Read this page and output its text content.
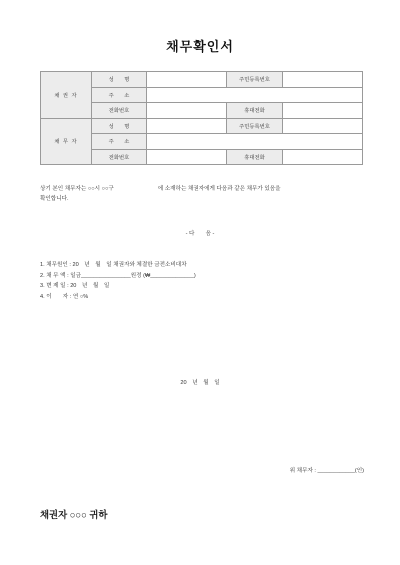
채무확인서
채 권 자	성　　명		주민등록번호	
	주　　소			
	전화번호		휴대전화	
채 무 자	성　　명		주민등록번호	
	주　　소			
	전화번호		휴대전화	
상기 본인 채무자는 ○○시 ○○구	에 소재하는 채권자에게 다음과 같은 채무가 있음을
확인합니다.
- 다　　음 -
1. 채무원인 : 20　년　월　일 채권자와 체결한 금전소비대차
2. 채 무 액 : 일금________________원정 (₩______________)
3. 변 제 일 : 20　년　월　일
4. 이　　자 : 연 ○%
20　년　월　일
위 채무자 : ____________(인)
채권자 ○○○ 귀하
